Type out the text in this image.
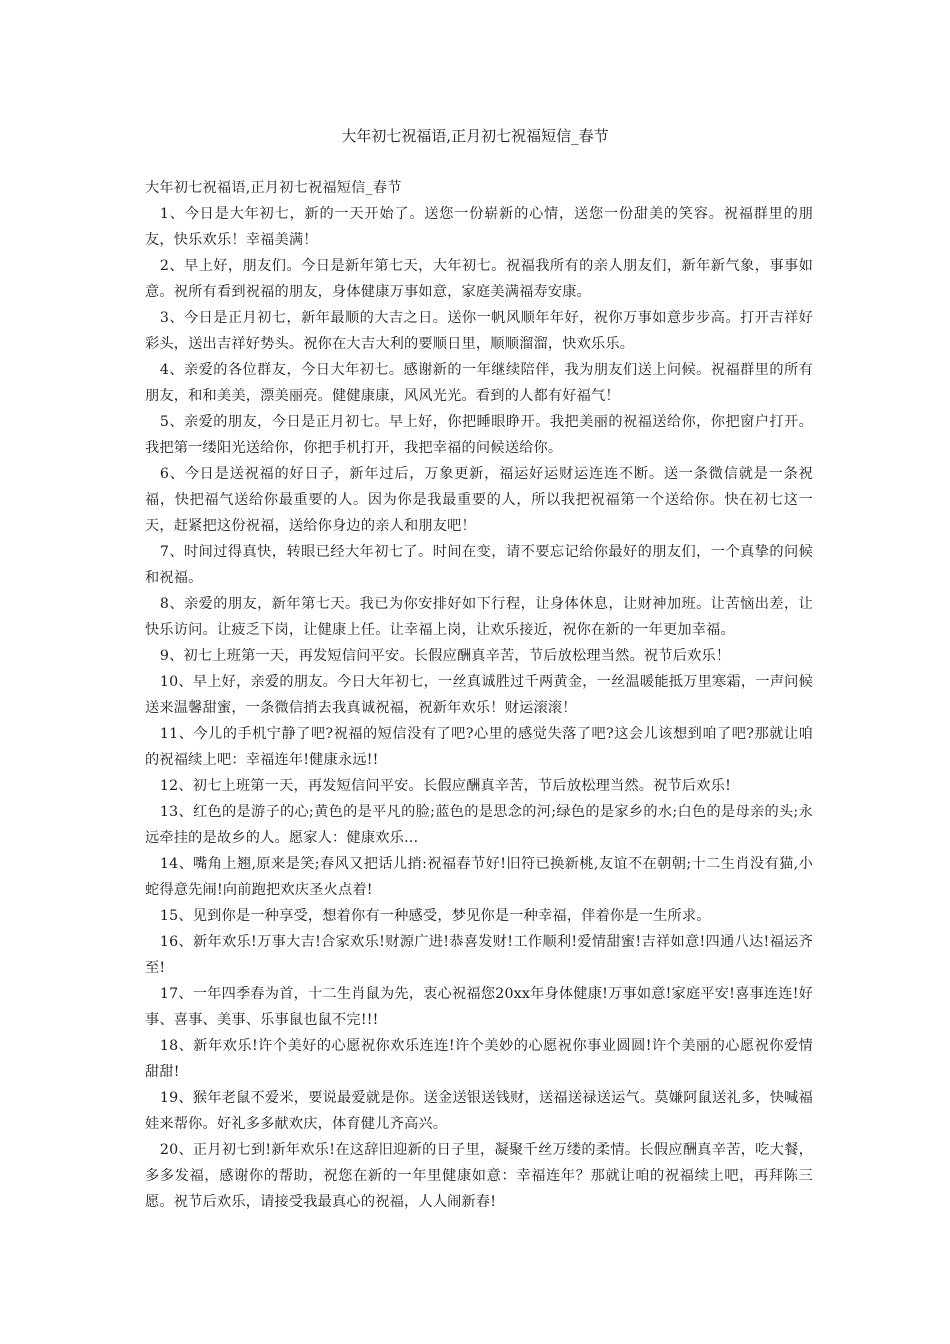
大年初七祝福语,正月初七祝福短信_春节

大年初七祝福语,正月初七祝福短信_春节

1、今日是大年初七，新的一天开始了。送您一份崭新的心情，送您一份甜美的笑容。祝福群里的朋友，快乐欢乐！幸福美满！

2、早上好，朋友们。今日是新年第七天，大年初七。祝福我所有的亲人朋友们，新年新气象，事事如意。祝所有看到祝福的朋友，身体健康万事如意，家庭美满福寿安康。

3、今日是正月初七，新年最顺的大吉之日。送你一帆风顺年年好，祝你万事如意步步高。打开吉祥好彩头，送出吉祥好势头。祝你在大吉大利的要顺日里，顺顺溜溜，快欢乐乐。

4、亲爱的各位群友，今日大年初七。感谢新的一年继续陪伴，我为朋友们送上问候。祝福群里的所有朋友，和和美美，漂美丽亮。健健康康，风风光光。看到的人都有好福气！

5、亲爱的朋友，今日是正月初七。早上好，你把睡眼睁开。我把美丽的祝福送给你，你把窗户打开。我把第一缕阳光送给你，你把手机打开，我把幸福的问候送给你。

6、今日是送祝福的好日子，新年过后，万象更新，福运好运财运连连不断。送一条微信就是一条祝福，快把福气送给你最重要的人。因为你是我最重要的人，所以我把祝福第一个送给你。快在初七这一天，赶紧把这份祝福，送给你身边的亲人和朋友吧！

7、时间过得真快，转眼已经大年初七了。时间在变，请不要忘记给你最好的朋友们，一个真挚的问候和祝福。

8、亲爱的朋友，新年第七天。我已为你安排好如下行程，让身体休息，让财神加班。让苦恼出差，让快乐访问。让疲乏下岗，让健康上任。让幸福上岗，让欢乐接近，祝你在新的一年更加幸福。

9、初七上班第一天，再发短信问平安。长假应酬真辛苦，节后放松理当然。祝节后欢乐！

10、早上好，亲爱的朋友。今日大年初七，一丝真诚胜过千两黄金，一丝温暖能抵万里寒霜，一声问候送来温馨甜蜜，一条微信捎去我真诚祝福，祝新年欢乐！财运滚滚！

11、今儿的手机宁静了吧?祝福的短信没有了吧?心里的感觉失落了吧?这会儿该想到咱了吧?那就让咱的祝福续上吧：幸福连年!健康永远!!

12、初七上班第一天，再发短信问平安。长假应酬真辛苦，节后放松理当然。祝节后欢乐!

13、红色的是游子的心;黄色的是平凡的脸;蓝色的是思念的河;绿色的是家乡的水;白色的是母亲的头;永远牵挂的是故乡的人。愿家人：健康欢乐…

14、嘴角上翘,原来是笑;春风又把话儿捎:祝福春节好!旧符已换新桃,友谊不在朝朝;十二生肖没有猫,小蛇得意先闹!向前跑把欢庆圣火点着!

15、见到你是一种享受，想着你有一种感受，梦见你是一种幸福，伴着你是一生所求。

16、新年欢乐!万事大吉!合家欢乐!财源广进!恭喜发财!工作顺利!爱情甜蜜!吉祥如意!四通八达!福运齐至!

17、一年四季春为首，十二生肖鼠为先，衷心祝福您20xx年身体健康!万事如意!家庭平安!喜事连连!好事、喜事、美事、乐事鼠也鼠不完!!!

18、新年欢乐!许个美好的心愿祝你欢乐连连!许个美妙的心愿祝你事业圆圆!许个美丽的心愿祝你爱情甜甜!

19、猴年老鼠不爱米，要说最爱就是你。送金送银送钱财，送福送禄送运气。莫嫌阿鼠送礼多，快喊福娃来帮你。好礼多多献欢庆，体育健儿齐高兴。

20、正月初七到!新年欢乐!在这辞旧迎新的日子里，凝聚千丝万缕的柔情。长假应酬真辛苦，吃大餐，多多发福，感谢你的帮助，祝您在新的一年里健康如意：幸福连年？那就让咱的祝福续上吧，再拜陈三愿。祝节后欢乐，请接受我最真心的祝福，人人闹新春!
